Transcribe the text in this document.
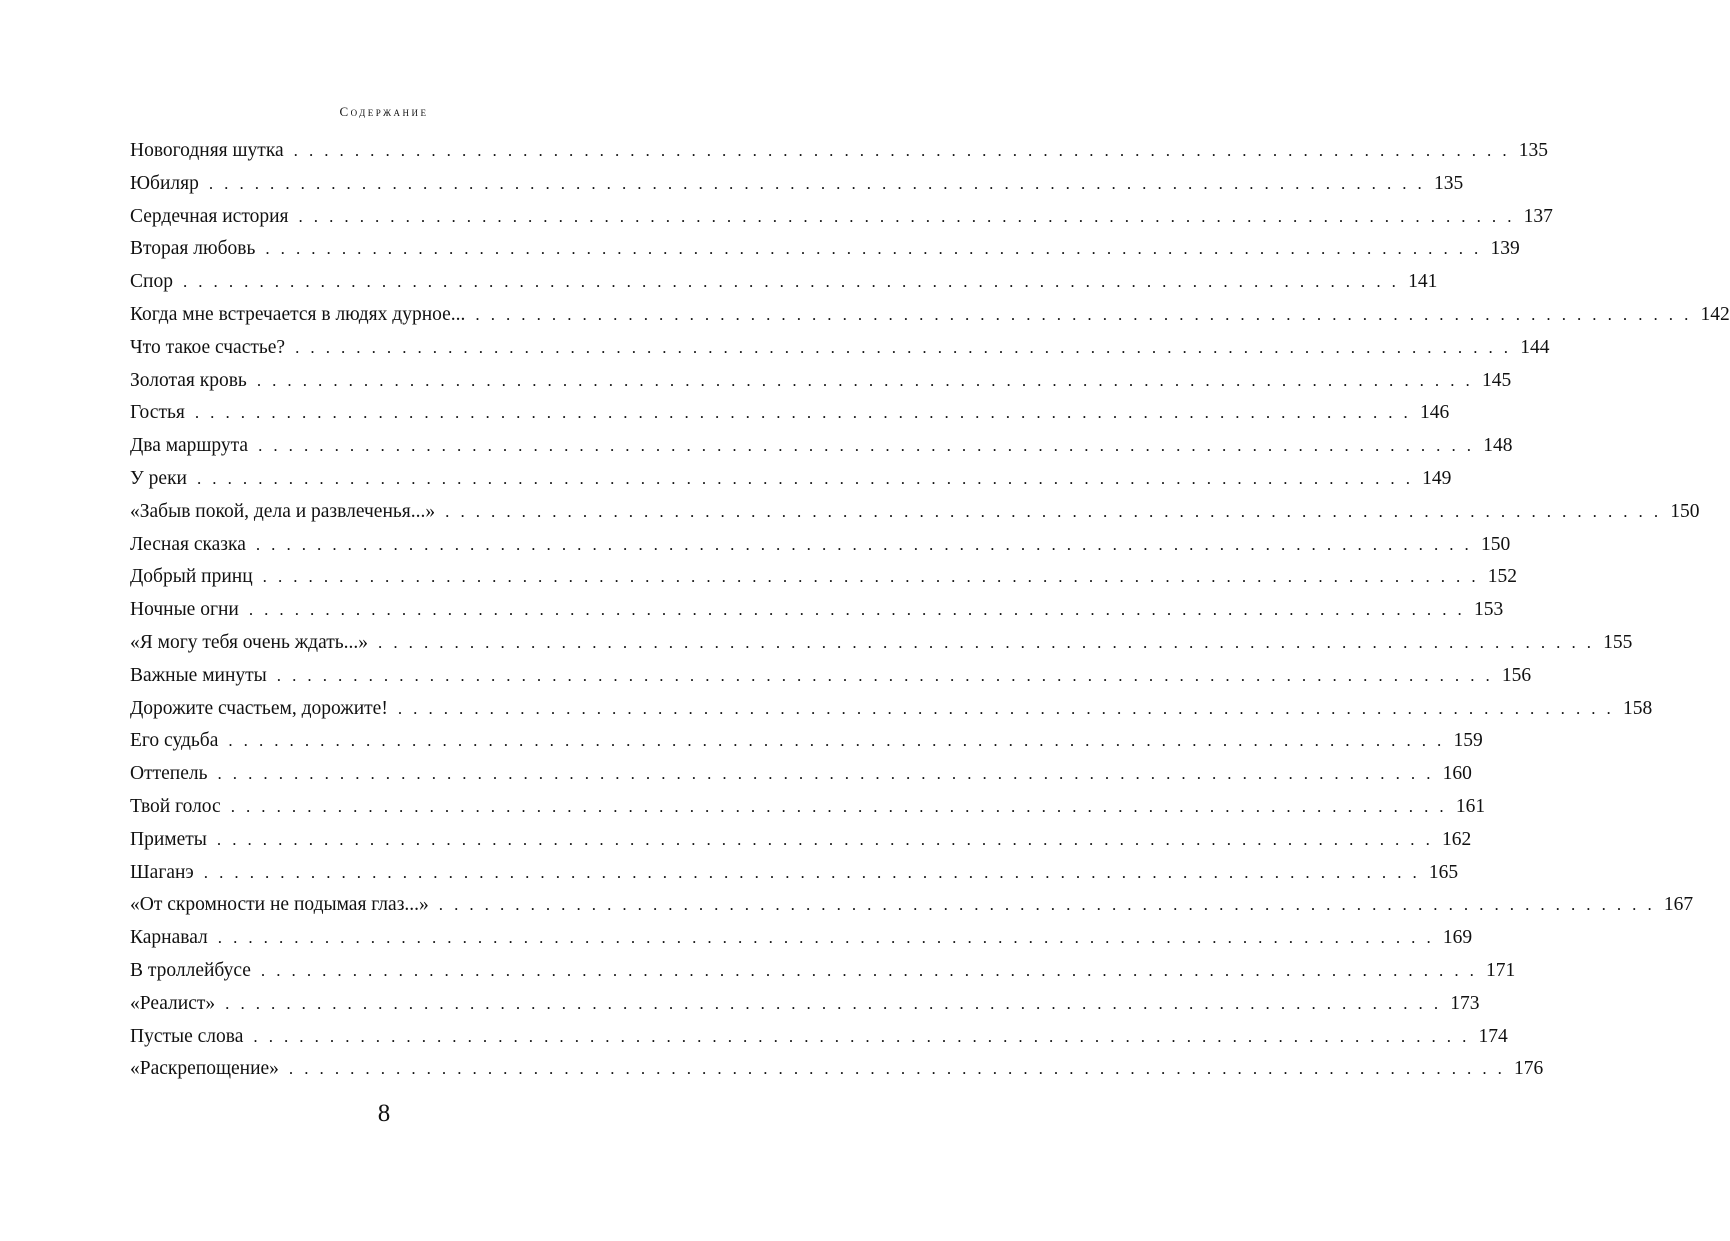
Содержание
Новогодняя шутка . . . . . . . . . . . . . . . . . . . . . . . . . . . . . . . . . . . . . . . . . . . . . . . . . . . . . . . . . . . . . . . . . . . . . . . . . . . . . . . . 135
Юбиляр . . . . . . . . . . . . . . . . . . . . . . . . . . . . . . . . . . . . . . . . . . . . . . . . . . . . . . . . . . . . . . . . . . . . . . . . . . . . . . . . 135
Сердечная история . . . . . . . . . . . . . . . . . . . . . . . . . . . . . . . . . . . . . . . . . . . . . . . . . . . . . . . . . . . . . . . . . . . . . . . . . . . . . . . . 137
Вторая любовь . . . . . . . . . . . . . . . . . . . . . . . . . . . . . . . . . . . . . . . . . . . . . . . . . . . . . . . . . . . . . . . . . . . . . . . . . . . . . . . . 139
Спор . . . . . . . . . . . . . . . . . . . . . . . . . . . . . . . . . . . . . . . . . . . . . . . . . . . . . . . . . . . . . . . . . . . . . . . . . . . . . . . . 141
Когда мне встречается в людях дурное... . . . . . . . . . . . . . . . . . . . . . . . . . . . . . . . . . . . . . . . . . . . . . . . . . . . . . . . . . . . . . . . . . . . . . . . . . . . . . . . . 142
Что такое счастье? . . . . . . . . . . . . . . . . . . . . . . . . . . . . . . . . . . . . . . . . . . . . . . . . . . . . . . . . . . . . . . . . . . . . . . . . . . . . . . . . 144
Золотая кровь . . . . . . . . . . . . . . . . . . . . . . . . . . . . . . . . . . . . . . . . . . . . . . . . . . . . . . . . . . . . . . . . . . . . . . . . . . . . . . . . 145
Гостья . . . . . . . . . . . . . . . . . . . . . . . . . . . . . . . . . . . . . . . . . . . . . . . . . . . . . . . . . . . . . . . . . . . . . . . . . . . . . . . . 146
Два маршрута . . . . . . . . . . . . . . . . . . . . . . . . . . . . . . . . . . . . . . . . . . . . . . . . . . . . . . . . . . . . . . . . . . . . . . . . . . . . . . . . 148
У реки . . . . . . . . . . . . . . . . . . . . . . . . . . . . . . . . . . . . . . . . . . . . . . . . . . . . . . . . . . . . . . . . . . . . . . . . . . . . . . . . 149
«Забыв покой, дела и развлеченья...» . . . . . . . . . . . . . . . . . . . . . . . . . . . . . . . . . . . . . . . . . . . . . . . . . . . . . . . . . . . . . . . . . . . . . . . . . . . . . . . . 150
Лесная сказка . . . . . . . . . . . . . . . . . . . . . . . . . . . . . . . . . . . . . . . . . . . . . . . . . . . . . . . . . . . . . . . . . . . . . . . . . . . . . . . . 150
Добрый принц . . . . . . . . . . . . . . . . . . . . . . . . . . . . . . . . . . . . . . . . . . . . . . . . . . . . . . . . . . . . . . . . . . . . . . . . . . . . . . . . 152
Ночные огни . . . . . . . . . . . . . . . . . . . . . . . . . . . . . . . . . . . . . . . . . . . . . . . . . . . . . . . . . . . . . . . . . . . . . . . . . . . . . . . . 153
«Я могу тебя очень ждать...» . . . . . . . . . . . . . . . . . . . . . . . . . . . . . . . . . . . . . . . . . . . . . . . . . . . . . . . . . . . . . . . . . . . . . . . . . . . . . . . . 155
Важные минуты . . . . . . . . . . . . . . . . . . . . . . . . . . . . . . . . . . . . . . . . . . . . . . . . . . . . . . . . . . . . . . . . . . . . . . . . . . . . . . . . 156
Дорожите счастьем, дорожите! . . . . . . . . . . . . . . . . . . . . . . . . . . . . . . . . . . . . . . . . . . . . . . . . . . . . . . . . . . . . . . . . . . . . . . . . . . . . . . . . 158
Его судьба . . . . . . . . . . . . . . . . . . . . . . . . . . . . . . . . . . . . . . . . . . . . . . . . . . . . . . . . . . . . . . . . . . . . . . . . . . . . . . . . 159
Оттепель . . . . . . . . . . . . . . . . . . . . . . . . . . . . . . . . . . . . . . . . . . . . . . . . . . . . . . . . . . . . . . . . . . . . . . . . . . . . . . . . 160
Твой голос . . . . . . . . . . . . . . . . . . . . . . . . . . . . . . . . . . . . . . . . . . . . . . . . . . . . . . . . . . . . . . . . . . . . . . . . . . . . . . . . 161
Приметы . . . . . . . . . . . . . . . . . . . . . . . . . . . . . . . . . . . . . . . . . . . . . . . . . . . . . . . . . . . . . . . . . . . . . . . . . . . . . . . . 162
Шаганэ . . . . . . . . . . . . . . . . . . . . . . . . . . . . . . . . . . . . . . . . . . . . . . . . . . . . . . . . . . . . . . . . . . . . . . . . . . . . . . . . 165
«От скромности не подымая глаз...» . . . . . . . . . . . . . . . . . . . . . . . . . . . . . . . . . . . . . . . . . . . . . . . . . . . . . . . . . . . . . . . . . . . . . . . . . . . . . . . . 167
Карнавал . . . . . . . . . . . . . . . . . . . . . . . . . . . . . . . . . . . . . . . . . . . . . . . . . . . . . . . . . . . . . . . . . . . . . . . . . . . . . . . . 169
В троллейбусе . . . . . . . . . . . . . . . . . . . . . . . . . . . . . . . . . . . . . . . . . . . . . . . . . . . . . . . . . . . . . . . . . . . . . . . . . . . . . . . . 171
«Реалист» . . . . . . . . . . . . . . . . . . . . . . . . . . . . . . . . . . . . . . . . . . . . . . . . . . . . . . . . . . . . . . . . . . . . . . . . . . . . . . . . 173
Пустые слова . . . . . . . . . . . . . . . . . . . . . . . . . . . . . . . . . . . . . . . . . . . . . . . . . . . . . . . . . . . . . . . . . . . . . . . . . . . . . . . . 174
«Раскрепощение» . . . . . . . . . . . . . . . . . . . . . . . . . . . . . . . . . . . . . . . . . . . . . . . . . . . . . . . . . . . . . . . . . . . . . . . . . . . . . . . . 176
8
